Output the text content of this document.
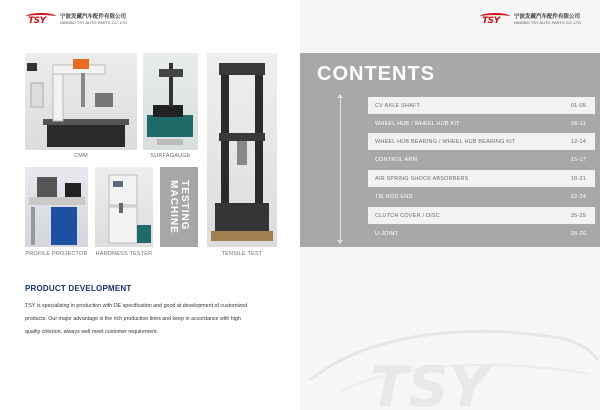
TSY	宁波发藏汽车配件有限公司
NINGBO TSY AUTO PARTS CO.,LTD
CMM	SURFAGAUGE
TENSILE TEST
PROFILE PROJECTOR HARDNESS TESTER
TESTING
MACHINE
PRODUCT DEVELOPMENT
TSY is specializing in production with OE specification and good at development of customized
products. Our major advantage is the rich production lines and keep in accordance with high
quality criterion, always well meet customer requirement.
TSY	宁波发藏汽车配件有限公司
NINGBO TSY AUTO PARTS CO.,LTD
CONTENTS
CV AXLE SHAFT	01-05
WHEEL HUB / WHEEL HUB KIT	06-11
WHEEL HUB BEARING / WHEEL HUB BEARING KIT	12-14
CONTROL ARM	15-17
AIR SPRING SHOCK ABSORBERS	18-21
TIE ROD END	22-24
CLUTCH COVER / DISC	25-25
U-JOINT	26-26
TSY
